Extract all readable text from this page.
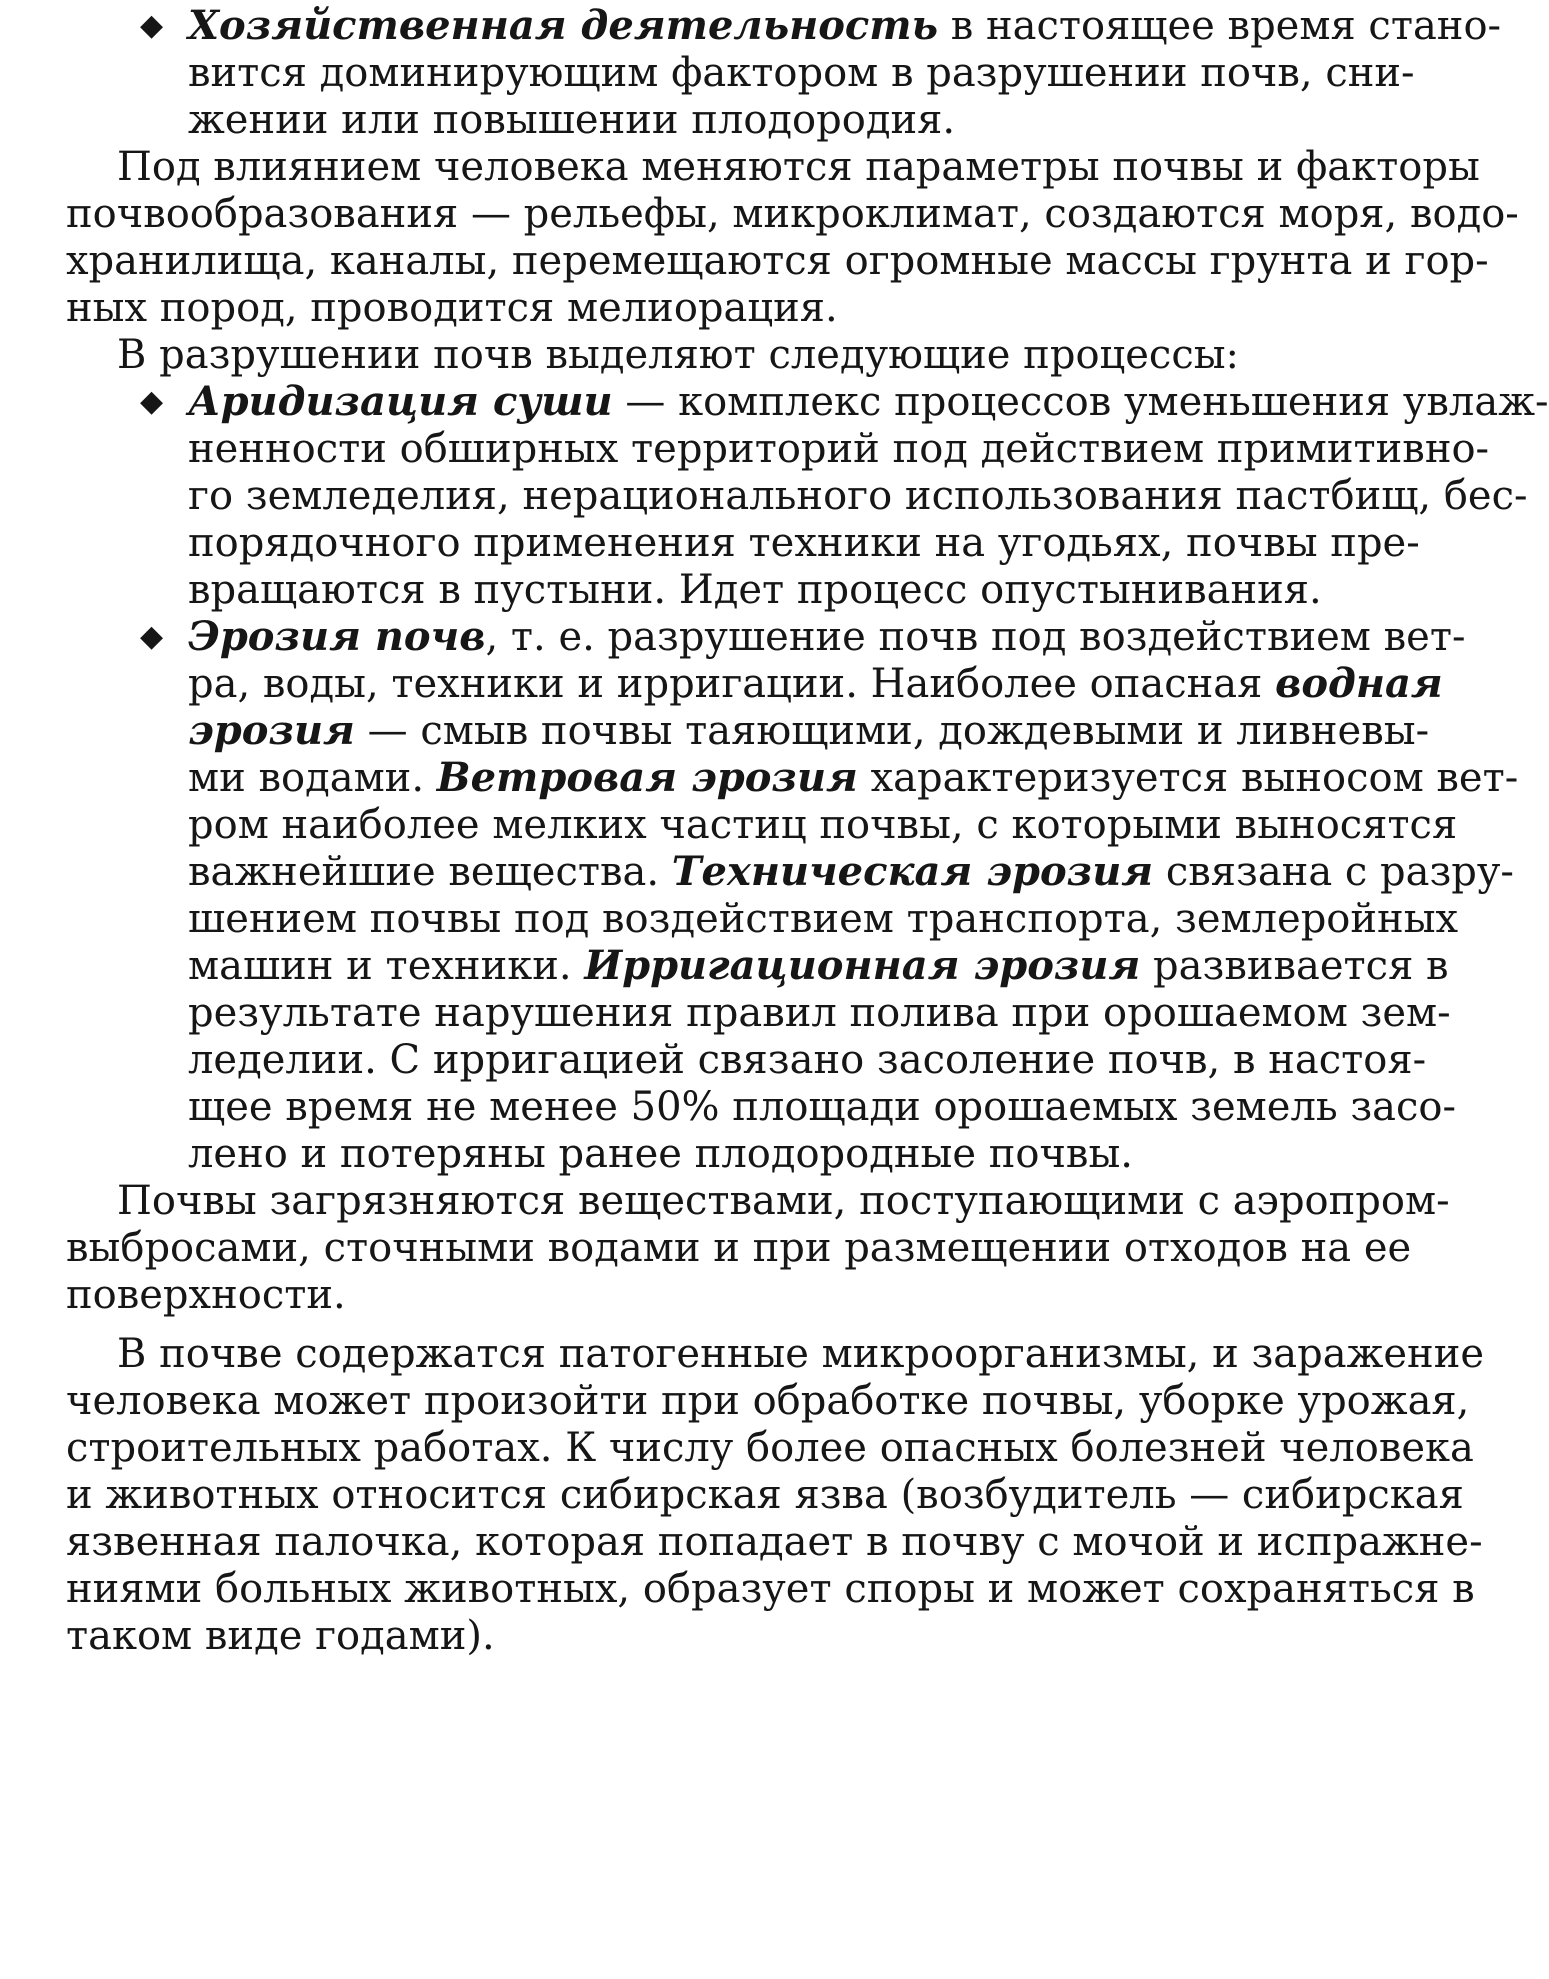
◆ Хозяйственная деятельность в настоящее время стано-
вится доминирующим фактором в разрушении почв, сни-
жении или повышении плодородия.
Под влиянием человека меняются параметры почвы и факторы
почвообразования — рельефы, микроклимат, создаются моря, водо-
хранилища, каналы, перемещаются огромные массы грунта и гор-
ных пород, проводится мелиорация.
В разрушении почв выделяют следующие процессы:
◆ Аридизация суши — комплекс процессов уменьшения увлаж-
ненности обширных территорий под действием примитивно-
го земледелия, нерационального использования пастбищ, бес-
порядочного применения техники на угодьях, почвы пре-
вращаются в пустыни. Идет процесс опустынивания.
◆ Эрозия почв, т. е. разрушение почв под воздействием вет-
ра, воды, техники и ирригации. Наиболее опасная водная
эрозия — смыв почвы таяющими, дождевыми и ливневы-
ми водами. Ветровая эрозия характеризуется выносом вет-
ром наиболее мелких частиц почвы, с которыми выносятся
важнейшие вещества. Техническая эрозия связана с разру-
шением почвы под воздействием транспорта, землеройных
машин и техники. Ирригационная эрозия развивается в
результате нарушения правил полива при орошаемом зем-
леделии. С ирригацией связано засоление почв, в настоя-
щее время не менее 50% площади орошаемых земель засо-
лено и потеряны ранее плодородные почвы.
Почвы загрязняются веществами, поступающими с аэропром-
выбросами, сточными водами и при размещении отходов на ее
поверхности.
В почве содержатся патогенные микроорганизмы, и заражение
человека может произойти при обработке почвы, уборке урожая,
строительных работах. К числу более опасных болезней человека
и животных относится сибирская язва (возбудитель — сибирская
язвенная палочка, которая попадает в почву с мочой и испражне-
ниями больных животных, образует споры и может сохраняться в
таком виде годами).
